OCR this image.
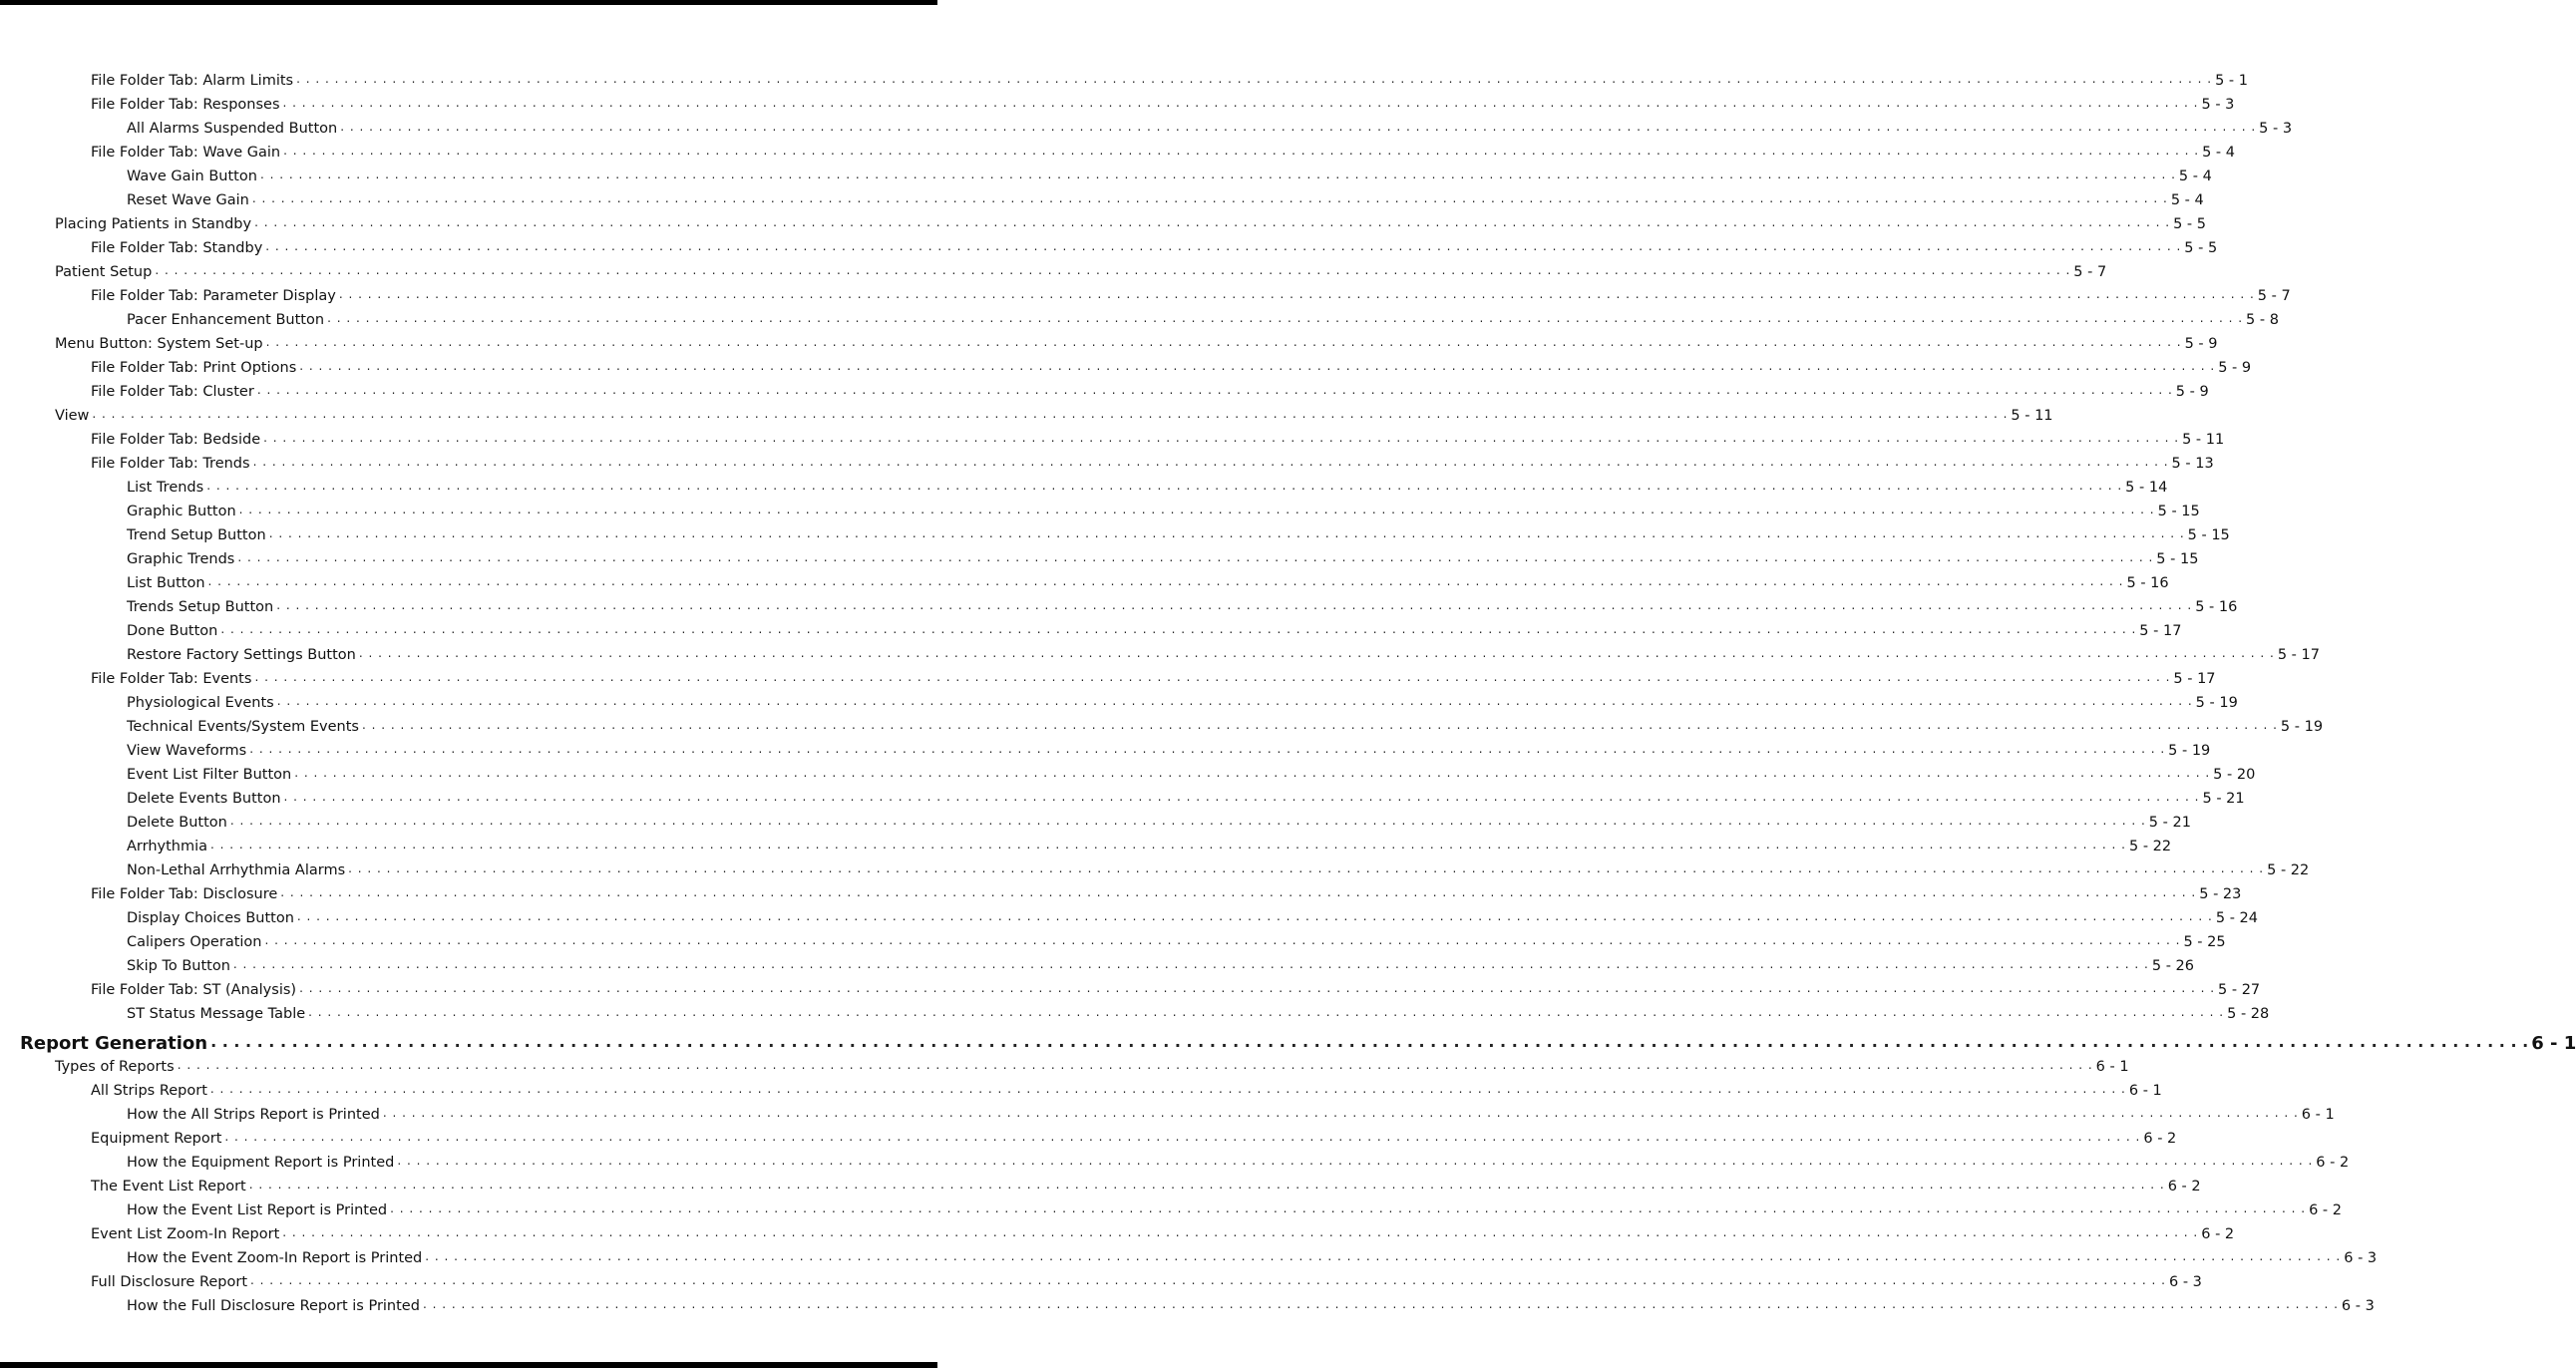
File Folder Tab: Alarm Limits . . . . . . . . . . . . . . . . . . . . . . . . . . . . . . . . . . . . . . . . . . . . . . . . . . . . . . . . . . . . . . . . . . . . . . . . . . . . . . . . . . . . . . . . . . . . . . . . . . . . . . . . . . . . . . . . . . . . . . . . . . . . . . . . . . . . . . . . . . . . . . . . . . . . . . . . . . . . . . . . . . . . . . . . . . . . . . . . . . . . . . . . . . . . . . . . . . . . . . . . 5 - 1
File Folder Tab: Responses . . . . . . . . . . . . . . . . . . . . . . . . . . . . . . . . . . . . . . . . . . . . . . . . . . . . . . . . . . . . . . . . . . . . . . . . . . . . . . . . . . . . . . . . . . . . . . . . . . . . . . . . . . . . . . . . . . . . . . . . . . . . . . . . . . . . . . . . . . . . . . . . . . . . . . . . . . . . . . . . . . . . . . . . . . . . . . . . . . . . . . . . . . . . . . . . . . . . . . . . 5 - 3
All Alarms Suspended Button . . . . . . . . . . . . . . . . . . . . . . . . . . . . . . . . . . . . . . . . . . . . . . . . . . . . . . . . . . . . . . . . . . . . . . . . . . . . . . . . . . . . . . . . . . . . . . . . . . . . . . . . . . . . . . . . . . . . . . . . . . . . . . . . . . . . . . . . . . . . . . . . . . . . . . . . . . . . . . . . . . . . . . . . . . . . . . . . . . . . . . . . . . . . . . . . . . . . . . . . 5 - 3
File Folder Tab: Wave Gain . . . . . . . . . . . . . . . . . . . . . . . . . . . . . . . . . . . . . . . . . . . . . . . . . . . . . . . . . . . . . . . . . . . . . . . . . . . . . . . . . . . . . . . . . . . . . . . . . . . . . . . . . . . . . . . . . . . . . . . . . . . . . . . . . . . . . . . . . . . . . . . . . . . . . . . . . . . . . . . . . . . . . . . . . . . . . . . . . . . . . . . . . . . . . . . . . . . . . . . . 5 - 4
Wave Gain Button . . . . . . . . . . . . . . . . . . . . . . . . . . . . . . . . . . . . . . . . . . . . . . . . . . . . . . . . . . . . . . . . . . . . . . . . . . . . . . . . . . . . . . . . . . . . . . . . . . . . . . . . . . . . . . . . . . . . . . . . . . . . . . . . . . . . . . . . . . . . . . . . . . . . . . . . . . . . . . . . . . . . . . . . . . . . . . . . . . . . . . . . . . . . . . . . . . . . . . . . 5 - 4
Reset Wave Gain . . . . . . . . . . . . . . . . . . . . . . . . . . . . . . . . . . . . . . . . . . . . . . . . . . . . . . . . . . . . . . . . . . . . . . . . . . . . . . . . . . . . . . . . . . . . . . . . . . . . . . . . . . . . . . . . . . . . . . . . . . . . . . . . . . . . . . . . . . . . . . . . . . . . . . . . . . . . . . . . . . . . . . . . . . . . . . . . . . . . . . . . . . . . . . . . . . . . . . . . 5 - 4
Placing Patients in Standby . . . . . . . . . . . . . . . . . . . . . . . . . . . . . . . . . . . . . . . . . . . . . . . . . . . . . . . . . . . . . . . . . . . . . . . . . . . . . . . . . . . . . . . . . . . . . . . . . . . . . . . . . . . . . . . . . . . . . . . . . . . . . . . . . . . . . . . . . . . . . . . . . . . . . . . . . . . . . . . . . . . . . . . . . . . . . . . . . . . . . . . . . . . . . . . . . . . . . . . . 5 - 5
File Folder Tab: Standby . . . . . . . . . . . . . . . . . . . . . . . . . . . . . . . . . . . . . . . . . . . . . . . . . . . . . . . . . . . . . . . . . . . . . . . . . . . . . . . . . . . . . . . . . . . . . . . . . . . . . . . . . . . . . . . . . . . . . . . . . . . . . . . . . . . . . . . . . . . . . . . . . . . . . . . . . . . . . . . . . . . . . . . . . . . . . . . . . . . . . . . . . . . . . . . . . . . . . . . . 5 - 5
Patient Setup . . . . . . . . . . . . . . . . . . . . . . . . . . . . . . . . . . . . . . . . . . . . . . . . . . . . . . . . . . . . . . . . . . . . . . . . . . . . . . . . . . . . . . . . . . . . . . . . . . . . . . . . . . . . . . . . . . . . . . . . . . . . . . . . . . . . . . . . . . . . . . . . . . . . . . . . . . . . . . . . . . . . . . . . . . . . . . . . . . . . . . . . . . . . . . . . . . . . . . . . 5 - 7
File Folder Tab: Parameter Display . . . . . . . . . . . . . . . . . . . . . . . . . . . . . . . . . . . . . . . . . . . . . . . . . . . . . . . . . . . . . . . . . . . . . . . . . . . . . . . . . . . . . . . . . . . . . . . . . . . . . . . . . . . . . . . . . . . . . . . . . . . . . . . . . . . . . . . . . . . . . . . . . . . . . . . . . . . . . . . . . . . . . . . . . . . . . . . . . . . . . . . . . . . . . . . . . . . . . . . . 5 - 7
Pacer Enhancement Button . . . . . . . . . . . . . . . . . . . . . . . . . . . . . . . . . . . . . . . . . . . . . . . . . . . . . . . . . . . . . . . . . . . . . . . . . . . . . . . . . . . . . . . . . . . . . . . . . . . . . . . . . . . . . . . . . . . . . . . . . . . . . . . . . . . . . . . . . . . . . . . . . . . . . . . . . . . . . . . . . . . . . . . . . . . . . . . . . . . . . . . . . . . . . . . . . . . . . . . . 5 - 8
Menu Button: System Set-up . . . . . . . . . . . . . . . . . . . . . . . . . . . . . . . . . . . . . . . . . . . . . . . . . . . . . . . . . . . . . . . . . . . . . . . . . . . . . . . . . . . . . . . . . . . . . . . . . . . . . . . . . . . . . . . . . . . . . . . . . . . . . . . . . . . . . . . . . . . . . . . . . . . . . . . . . . . . . . . . . . . . . . . . . . . . . . . . . . . . . . . . . . . . . . . . . . . . . . . . 5 - 9
File Folder Tab: Print Options . . . . . . . . . . . . . . . . . . . . . . . . . . . . . . . . . . . . . . . . . . . . . . . . . . . . . . . . . . . . . . . . . . . . . . . . . . . . . . . . . . . . . . . . . . . . . . . . . . . . . . . . . . . . . . . . . . . . . . . . . . . . . . . . . . . . . . . . . . . . . . . . . . . . . . . . . . . . . . . . . . . . . . . . . . . . . . . . . . . . . . . . . . . . . . . . . . . . . . . . 5 - 9
File Folder Tab: Cluster . . . . . . . . . . . . . . . . . . . . . . . . . . . . . . . . . . . . . . . . . . . . . . . . . . . . . . . . . . . . . . . . . . . . . . . . . . . . . . . . . . . . . . . . . . . . . . . . . . . . . . . . . . . . . . . . . . . . . . . . . . . . . . . . . . . . . . . . . . . . . . . . . . . . . . . . . . . . . . . . . . . . . . . . . . . . . . . . . . . . . . . . . . . . . . . . . . . . . . . . 5 - 9
View . . . . . . . . . . . . . . . . . . . . . . . . . . . . . . . . . . . . . . . . . . . . . . . . . . . . . . . . . . . . . . . . . . . . . . . . . . . . . . . . . . . . . . . . . . . . . . . . . . . . . . . . . . . . . . . . . . . . . . . . . . . . . . . . . . . . . . . . . . . . . . . . . . . . . . . . . . . . . . . . . . . . . . . . . . . . . . . . . . . . . . . . . . . . . . . . . . . . . . . . 5 - 11
File Folder Tab: Bedside . . . . . . . . . . . . . . . . . . . . . . . . . . . . . . . . . . . . . . . . . . . . . . . . . . . . . . . . . . . . . . . . . . . . . . . . . . . . . . . . . . . . . . . . . . . . . . . . . . . . . . . . . . . . . . . . . . . . . . . . . . . . . . . . . . . . . . . . . . . . . . . . . . . . . . . . . . . . . . . . . . . . . . . . . . . . . . . . . . . . . . . . . . . . . . . . . . . . . . . . 5 - 11
File Folder Tab: Trends . . . . . . . . . . . . . . . . . . . . . . . . . . . . . . . . . . . . . . . . . . . . . . . . . . . . . . . . . . . . . . . . . . . . . . . . . . . . . . . . . . . . . . . . . . . . . . . . . . . . . . . . . . . . . . . . . . . . . . . . . . . . . . . . . . . . . . . . . . . . . . . . . . . . . . . . . . . . . . . . . . . . . . . . . . . . . . . . . . . . . . . . . . . . . . . . . . . . . . . . 5 - 13
List Trends . . . . . . . . . . . . . . . . . . . . . . . . . . . . . . . . . . . . . . . . . . . . . . . . . . . . . . . . . . . . . . . . . . . . . . . . . . . . . . . . . . . . . . . . . . . . . . . . . . . . . . . . . . . . . . . . . . . . . . . . . . . . . . . . . . . . . . . . . . . . . . . . . . . . . . . . . . . . . . . . . . . . . . . . . . . . . . . . . . . . . . . . . . . . . . . . . . . . . . . . 5 - 14
Graphic Button . . . . . . . . . . . . . . . . . . . . . . . . . . . . . . . . . . . . . . . . . . . . . . . . . . . . . . . . . . . . . . . . . . . . . . . . . . . . . . . . . . . . . . . . . . . . . . . . . . . . . . . . . . . . . . . . . . . . . . . . . . . . . . . . . . . . . . . . . . . . . . . . . . . . . . . . . . . . . . . . . . . . . . . . . . . . . . . . . . . . . . . . . . . . . . . . . . . . . . . . 5 - 15
Trend Setup Button . . . . . . . . . . . . . . . . . . . . . . . . . . . . . . . . . . . . . . . . . . . . . . . . . . . . . . . . . . . . . . . . . . . . . . . . . . . . . . . . . . . . . . . . . . . . . . . . . . . . . . . . . . . . . . . . . . . . . . . . . . . . . . . . . . . . . . . . . . . . . . . . . . . . . . . . . . . . . . . . . . . . . . . . . . . . . . . . . . . . . . . . . . . . . . . . . . . . . . . . 5 - 15
Graphic Trends . . . . . . . . . . . . . . . . . . . . . . . . . . . . . . . . . . . . . . . . . . . . . . . . . . . . . . . . . . . . . . . . . . . . . . . . . . . . . . . . . . . . . . . . . . . . . . . . . . . . . . . . . . . . . . . . . . . . . . . . . . . . . . . . . . . . . . . . . . . . . . . . . . . . . . . . . . . . . . . . . . . . . . . . . . . . . . . . . . . . . . . . . . . . . . . . . . . . . . . . 5 - 15
List Button . . . . . . . . . . . . . . . . . . . . . . . . . . . . . . . . . . . . . . . . . . . . . . . . . . . . . . . . . . . . . . . . . . . . . . . . . . . . . . . . . . . . . . . . . . . . . . . . . . . . . . . . . . . . . . . . . . . . . . . . . . . . . . . . . . . . . . . . . . . . . . . . . . . . . . . . . . . . . . . . . . . . . . . . . . . . . . . . . . . . . . . . . . . . . . . . . . . . . . . . 5 - 16
Trends Setup Button . . . . . . . . . . . . . . . . . . . . . . . . . . . . . . . . . . . . . . . . . . . . . . . . . . . . . . . . . . . . . . . . . . . . . . . . . . . . . . . . . . . . . . . . . . . . . . . . . . . . . . . . . . . . . . . . . . . . . . . . . . . . . . . . . . . . . . . . . . . . . . . . . . . . . . . . . . . . . . . . . . . . . . . . . . . . . . . . . . . . . . . . . . . . . . . . . . . . . . . . 5 - 16
Done Button . . . . . . . . . . . . . . . . . . . . . . . . . . . . . . . . . . . . . . . . . . . . . . . . . . . . . . . . . . . . . . . . . . . . . . . . . . . . . . . . . . . . . . . . . . . . . . . . . . . . . . . . . . . . . . . . . . . . . . . . . . . . . . . . . . . . . . . . . . . . . . . . . . . . . . . . . . . . . . . . . . . . . . . . . . . . . . . . . . . . . . . . . . . . . . . . . . . . . . . . 5 - 17
Restore Factory Settings Button . . . . . . . . . . . . . . . . . . . . . . . . . . . . . . . . . . . . . . . . . . . . . . . . . . . . . . . . . . . . . . . . . . . . . . . . . . . . . . . . . . . . . . . . . . . . . . . . . . . . . . . . . . . . . . . . . . . . . . . . . . . . . . . . . . . . . . . . . . . . . . . . . . . . . . . . . . . . . . . . . . . . . . . . . . . . . . . . . . . . . . . . . . . . . . . . . . . . . . . . 5 - 17
File Folder Tab: Events . . . . . . . . . . . . . . . . . . . . . . . . . . . . . . . . . . . . . . . . . . . . . . . . . . . . . . . . . . . . . . . . . . . . . . . . . . . . . . . . . . . . . . . . . . . . . . . . . . . . . . . . . . . . . . . . . . . . . . . . . . . . . . . . . . . . . . . . . . . . . . . . . . . . . . . . . . . . . . . . . . . . . . . . . . . . . . . . . . . . . . . . . . . . . . . . . . . . . . . . 5 - 17
Physiological Events . . . . . . . . . . . . . . . . . . . . . . . . . . . . . . . . . . . . . . . . . . . . . . . . . . . . . . . . . . . . . . . . . . . . . . . . . . . . . . . . . . . . . . . . . . . . . . . . . . . . . . . . . . . . . . . . . . . . . . . . . . . . . . . . . . . . . . . . . . . . . . . . . . . . . . . . . . . . . . . . . . . . . . . . . . . . . . . . . . . . . . . . . . . . . . . . . . . . . . . . 5 - 19
Technical Events/System Events . . . . . . . . . . . . . . . . . . . . . . . . . . . . . . . . . . . . . . . . . . . . . . . . . . . . . . . . . . . . . . . . . . . . . . . . . . . . . . . . . . . . . . . . . . . . . . . . . . . . . . . . . . . . . . . . . . . . . . . . . . . . . . . . . . . . . . . . . . . . . . . . . . . . . . . . . . . . . . . . . . . . . . . . . . . . . . . . . . . . . . . . . . . . . . . . . . . . . . . . 5 - 19
View Waveforms . . . . . . . . . . . . . . . . . . . . . . . . . . . . . . . . . . . . . . . . . . . . . . . . . . . . . . . . . . . . . . . . . . . . . . . . . . . . . . . . . . . . . . . . . . . . . . . . . . . . . . . . . . . . . . . . . . . . . . . . . . . . . . . . . . . . . . . . . . . . . . . . . . . . . . . . . . . . . . . . . . . . . . . . . . . . . . . . . . . . . . . . . . . . . . . . . . . . . . . . 5 - 19
Event List Filter Button . . . . . . . . . . . . . . . . . . . . . . . . . . . . . . . . . . . . . . . . . . . . . . . . . . . . . . . . . . . . . . . . . . . . . . . . . . . . . . . . . . . . . . . . . . . . . . . . . . . . . . . . . . . . . . . . . . . . . . . . . . . . . . . . . . . . . . . . . . . . . . . . . . . . . . . . . . . . . . . . . . . . . . . . . . . . . . . . . . . . . . . . . . . . . . . . . . . . . . . . 5 - 20
Delete Events Button . . . . . . . . . . . . . . . . . . . . . . . . . . . . . . . . . . . . . . . . . . . . . . . . . . . . . . . . . . . . . . . . . . . . . . . . . . . . . . . . . . . . . . . . . . . . . . . . . . . . . . . . . . . . . . . . . . . . . . . . . . . . . . . . . . . . . . . . . . . . . . . . . . . . . . . . . . . . . . . . . . . . . . . . . . . . . . . . . . . . . . . . . . . . . . . . . . . . . . . . 5 - 21
Delete Button . . . . . . . . . . . . . . . . . . . . . . . . . . . . . . . . . . . . . . . . . . . . . . . . . . . . . . . . . . . . . . . . . . . . . . . . . . . . . . . . . . . . . . . . . . . . . . . . . . . . . . . . . . . . . . . . . . . . . . . . . . . . . . . . . . . . . . . . . . . . . . . . . . . . . . . . . . . . . . . . . . . . . . . . . . . . . . . . . . . . . . . . . . . . . . . . . . . . . . . . 5 - 21
Arrhythmia . . . . . . . . . . . . . . . . . . . . . . . . . . . . . . . . . . . . . . . . . . . . . . . . . . . . . . . . . . . . . . . . . . . . . . . . . . . . . . . . . . . . . . . . . . . . . . . . . . . . . . . . . . . . . . . . . . . . . . . . . . . . . . . . . . . . . . . . . . . . . . . . . . . . . . . . . . . . . . . . . . . . . . . . . . . . . . . . . . . . . . . . . . . . . . . . . . . . . . . . 5 - 22
Non-Lethal Arrhythmia Alarms . . . . . . . . . . . . . . . . . . . . . . . . . . . . . . . . . . . . . . . . . . . . . . . . . . . . . . . . . . . . . . . . . . . . . . . . . . . . . . . . . . . . . . . . . . . . . . . . . . . . . . . . . . . . . . . . . . . . . . . . . . . . . . . . . . . . . . . . . . . . . . . . . . . . . . . . . . . . . . . . . . . . . . . . . . . . . . . . . . . . . . . . . . . . . . . . . . . . . . . . 5 - 22
File Folder Tab: Disclosure . . . . . . . . . . . . . . . . . . . . . . . . . . . . . . . . . . . . . . . . . . . . . . . . . . . . . . . . . . . . . . . . . . . . . . . . . . . . . . . . . . . . . . . . . . . . . . . . . . . . . . . . . . . . . . . . . . . . . . . . . . . . . . . . . . . . . . . . . . . . . . . . . . . . . . . . . . . . . . . . . . . . . . . . . . . . . . . . . . . . . . . . . . . . . . . . . . . . . . . . 5 - 23
Display Choices Button . . . . . . . . . . . . . . . . . . . . . . . . . . . . . . . . . . . . . . . . . . . . . . . . . . . . . . . . . . . . . . . . . . . . . . . . . . . . . . . . . . . . . . . . . . . . . . . . . . . . . . . . . . . . . . . . . . . . . . . . . . . . . . . . . . . . . . . . . . . . . . . . . . . . . . . . . . . . . . . . . . . . . . . . . . . . . . . . . . . . . . . . . . . . . . . . . . . . . . . . 5 - 24
Calipers Operation . . . . . . . . . . . . . . . . . . . . . . . . . . . . . . . . . . . . . . . . . . . . . . . . . . . . . . . . . . . . . . . . . . . . . . . . . . . . . . . . . . . . . . . . . . . . . . . . . . . . . . . . . . . . . . . . . . . . . . . . . . . . . . . . . . . . . . . . . . . . . . . . . . . . . . . . . . . . . . . . . . . . . . . . . . . . . . . . . . . . . . . . . . . . . . . . . . . . . . . . 5 - 25
Skip To Button . . . . . . . . . . . . . . . . . . . . . . . . . . . . . . . . . . . . . . . . . . . . . . . . . . . . . . . . . . . . . . . . . . . . . . . . . . . . . . . . . . . . . . . . . . . . . . . . . . . . . . . . . . . . . . . . . . . . . . . . . . . . . . . . . . . . . . . . . . . . . . . . . . . . . . . . . . . . . . . . . . . . . . . . . . . . . . . . . . . . . . . . . . . . . . . . . . . . . . . . 5 - 26
File Folder Tab: ST (Analysis) . . . . . . . . . . . . . . . . . . . . . . . . . . . . . . . . . . . . . . . . . . . . . . . . . . . . . . . . . . . . . . . . . . . . . . . . . . . . . . . . . . . . . . . . . . . . . . . . . . . . . . . . . . . . . . . . . . . . . . . . . . . . . . . . . . . . . . . . . . . . . . . . . . . . . . . . . . . . . . . . . . . . . . . . . . . . . . . . . . . . . . . . . . . . . . . . . . . . . . . . 5 - 27
ST Status Message Table . . . . . . . . . . . . . . . . . . . . . . . . . . . . . . . . . . . . . . . . . . . . . . . . . . . . . . . . . . . . . . . . . . . . . . . . . . . . . . . . . . . . . . . . . . . . . . . . . . . . . . . . . . . . . . . . . . . . . . . . . . . . . . . . . . . . . . . . . . . . . . . . . . . . . . . . . . . . . . . . . . . . . . . . . . . . . . . . . . . . . . . . . . . . . . . . . . . . . . . . 5 - 28
Report Generation . . . . . . . . . . . . . . . . . . . . . . . . . . . . . . . . . . . . . . . . . . . . . . . . . . . . . . . . . . . . . . . . . . . . . . . . . . . . . . . . . . . . . . . . . . . . . . . . . . . . . . . . . . . . . . . . . . . . . . . . . . . . . . . . . . . . . . . . . . . . . . . . . . . . . . . . . . . . . . . . . . . . . . . . . . . . . . . . . . . . . . . . . . . . . . . . . . . . . . . . 6 - 1
Types of Reports . . . . . . . . . . . . . . . . . . . . . . . . . . . . . . . . . . . . . . . . . . . . . . . . . . . . . . . . . . . . . . . . . . . . . . . . . . . . . . . . . . . . . . . . . . . . . . . . . . . . . . . . . . . . . . . . . . . . . . . . . . . . . . . . . . . . . . . . . . . . . . . . . . . . . . . . . . . . . . . . . . . . . . . . . . . . . . . . . . . . . . . . . . . . . . . . . . . . . . . . 6 - 1
All Strips Report . . . . . . . . . . . . . . . . . . . . . . . . . . . . . . . . . . . . . . . . . . . . . . . . . . . . . . . . . . . . . . . . . . . . . . . . . . . . . . . . . . . . . . . . . . . . . . . . . . . . . . . . . . . . . . . . . . . . . . . . . . . . . . . . . . . . . . . . . . . . . . . . . . . . . . . . . . . . . . . . . . . . . . . . . . . . . . . . . . . . . . . . . . . . . . . . . . . . . . . . 6 - 1
How the All Strips Report is Printed . . . . . . . . . . . . . . . . . . . . . . . . . . . . . . . . . . . . . . . . . . . . . . . . . . . . . . . . . . . . . . . . . . . . . . . . . . . . . . . . . . . . . . . . . . . . . . . . . . . . . . . . . . . . . . . . . . . . . . . . . . . . . . . . . . . . . . . . . . . . . . . . . . . . . . . . . . . . . . . . . . . . . . . . . . . . . . . . . . . . . . . . . . . . . . . . . . . . . . . . 6 - 1
Equipment Report . . . . . . . . . . . . . . . . . . . . . . . . . . . . . . . . . . . . . . . . . . . . . . . . . . . . . . . . . . . . . . . . . . . . . . . . . . . . . . . . . . . . . . . . . . . . . . . . . . . . . . . . . . . . . . . . . . . . . . . . . . . . . . . . . . . . . . . . . . . . . . . . . . . . . . . . . . . . . . . . . . . . . . . . . . . . . . . . . . . . . . . . . . . . . . . . . . . . . . . . 6 - 2
How the Equipment Report is Printed . . . . . . . . . . . . . . . . . . . . . . . . . . . . . . . . . . . . . . . . . . . . . . . . . . . . . . . . . . . . . . . . . . . . . . . . . . . . . . . . . . . . . . . . . . . . . . . . . . . . . . . . . . . . . . . . . . . . . . . . . . . . . . . . . . . . . . . . . . . . . . . . . . . . . . . . . . . . . . . . . . . . . . . . . . . . . . . . . . . . . . . . . . . . . . . . . . . . . . . . 6 - 2
The Event List Report . . . . . . . . . . . . . . . . . . . . . . . . . . . . . . . . . . . . . . . . . . . . . . . . . . . . . . . . . . . . . . . . . . . . . . . . . . . . . . . . . . . . . . . . . . . . . . . . . . . . . . . . . . . . . . . . . . . . . . . . . . . . . . . . . . . . . . . . . . . . . . . . . . . . . . . . . . . . . . . . . . . . . . . . . . . . . . . . . . . . . . . . . . . . . . . . . . . . . . . . 6 - 2
How the Event List Report is Printed . . . . . . . . . . . . . . . . . . . . . . . . . . . . . . . . . . . . . . . . . . . . . . . . . . . . . . . . . . . . . . . . . . . . . . . . . . . . . . . . . . . . . . . . . . . . . . . . . . . . . . . . . . . . . . . . . . . . . . . . . . . . . . . . . . . . . . . . . . . . . . . . . . . . . . . . . . . . . . . . . . . . . . . . . . . . . . . . . . . . . . . . . . . . . . . . . . . . . . . . 6 - 2
Event List Zoom-In Report . . . . . . . . . . . . . . . . . . . . . . . . . . . . . . . . . . . . . . . . . . . . . . . . . . . . . . . . . . . . . . . . . . . . . . . . . . . . . . . . . . . . . . . . . . . . . . . . . . . . . . . . . . . . . . . . . . . . . . . . . . . . . . . . . . . . . . . . . . . . . . . . . . . . . . . . . . . . . . . . . . . . . . . . . . . . . . . . . . . . . . . . . . . . . . . . . . . . . . . . 6 - 2
How the Event Zoom-In Report is Printed . . . . . . . . . . . . . . . . . . . . . . . . . . . . . . . . . . . . . . . . . . . . . . . . . . . . . . . . . . . . . . . . . . . . . . . . . . . . . . . . . . . . . . . . . . . . . . . . . . . . . . . . . . . . . . . . . . . . . . . . . . . . . . . . . . . . . . . . . . . . . . . . . . . . . . . . . . . . . . . . . . . . . . . . . . . . . . . . . . . . . . . . . . . . . . . . . . . . . . . . 6 - 3
Full Disclosure Report . . . . . . . . . . . . . . . . . . . . . . . . . . . . . . . . . . . . . . . . . . . . . . . . . . . . . . . . . . . . . . . . . . . . . . . . . . . . . . . . . . . . . . . . . . . . . . . . . . . . . . . . . . . . . . . . . . . . . . . . . . . . . . . . . . . . . . . . . . . . . . . . . . . . . . . . . . . . . . . . . . . . . . . . . . . . . . . . . . . . . . . . . . . . . . . . . . . . . . . . 6 - 3
How the Full Disclosure Report is Printed . . . . . . . . . . . . . . . . . . . . . . . . . . . . . . . . . . . . . . . . . . . . . . . . . . . . . . . . . . . . . . . . . . . . . . . . . . . . . . . . . . . . . . . . . . . . . . . . . . . . . . . . . . . . . . . . . . . . . . . . . . . . . . . . . . . . . . . . . . . . . . . . . . . . . . . . . . . . . . . . . . . . . . . . . . . . . . . . . . . . . . . . . . . . . . . . . . . . . . . . 6 - 3
